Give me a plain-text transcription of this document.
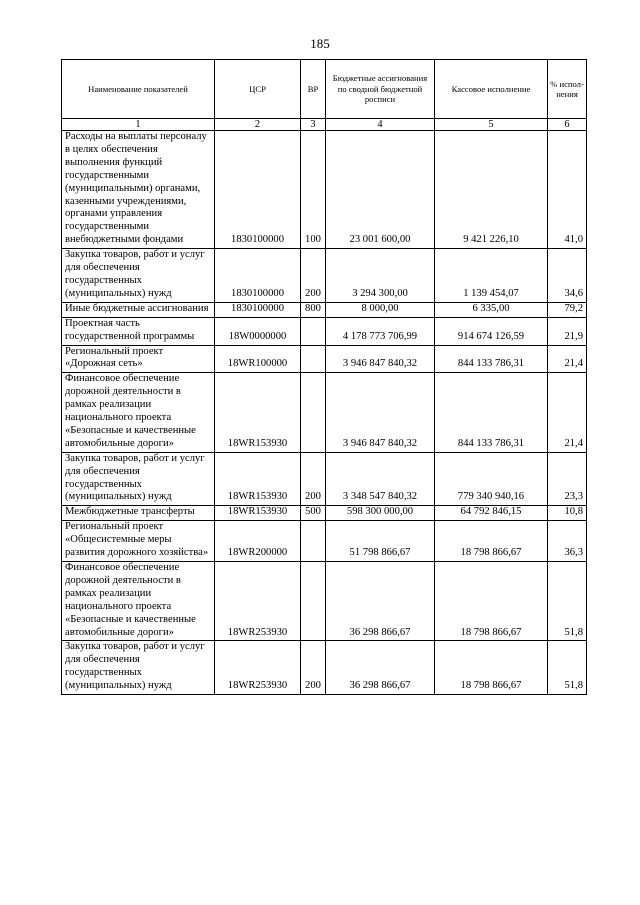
185
Наименование показателей	ЦСР	ВР	Бюджетные ассигнования по сводной бюджетной росписи	Кассовое исполнение	% испол-нения
1	2	3	4	5	6
Расходы на выплаты персоналу в целях обеспечения выполнения функций государственными (муниципальными) органами, казенными учреждениями, органами управления государственными внебюджетными фондами	1830100000	100	23 001 600,00	9 421 226,10	41,0
Закупка товаров, работ и услуг для обеспечения государственных (муниципальных) нужд	1830100000	200	3 294 300,00	1 139 454,07	34,6
Иные бюджетные ассигнования	1830100000	800	8 000,00	6 335,00	79,2
Проектная часть государственной программы	18W0000000		4 178 773 706,99	914 674 126,59	21,9
Региональный проект «Дорожная сеть»	18WR100000		3 946 847 840,32	844 133 786,31	21,4
Финансовое обеспечение дорожной деятельности в рамках реализации национального проекта «Безопасные и качественные автомобильные дороги»	18WR153930		3 946 847 840,32	844 133 786,31	21,4
Закупка товаров, работ и услуг для обеспечения государственных (муниципальных) нужд	18WR153930	200	3 348 547 840,32	779 340 940,16	23,3
Межбюджетные трансферты	18WR153930	500	598 300 000,00	64 792 846,15	10,8
Региональный проект «Общесистемные меры развития дорожного хозяйства»	18WR200000		51 798 866,67	18 798 866,67	36,3
Финансовое обеспечение дорожной деятельности в рамках реализации национального проекта «Безопасные и качественные автомобильные дороги»	18WR253930		36 298 866,67	18 798 866,67	51,8
Закупка товаров, работ и услуг для обеспечения государственных (муниципальных) нужд	18WR253930	200	36 298 866,67	18 798 866,67	51,8
